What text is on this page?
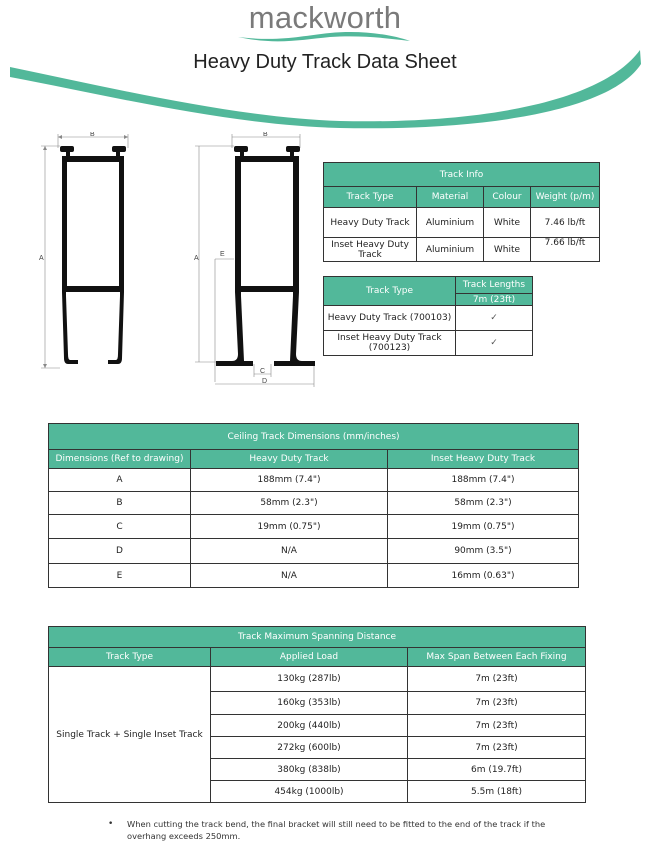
mackworth
Heavy Duty Track Data Sheet
B
A
B
A
E
C
D
Track Info			
Track Type	Material	Colour	Weight (p/m)
Heavy Duty Track	Aluminium	White	7.46 lb/ft
Inset Heavy Duty Track	Aluminium	White	7.66 lb/ft
Track Type	Track Lengths
	7m (23ft)
Heavy Duty Track (700103)	✓
Inset Heavy Duty Track (700123)	✓
Ceiling Track Dimensions (mm/inches)		
Dimensions (Ref to drawing)	Heavy Duty Track	Inset Heavy Duty Track
A	188mm (7.4")	188mm (7.4")
B	58mm (2.3")	58mm (2.3")
C	19mm (0.75")	19mm (0.75")
D	N/A	90mm (3.5")
E	N/A	16mm (0.63")
Track Maximum Spanning Distance		
Track Type	Applied Load	Max Span Between Each Fixing
Single Track + Single Inset Track	130kg (287lb)	7m (23ft)
	160kg (353lb)	7m (23ft)
	200kg (440lb)	7m (23ft)
	272kg (600lb)	7m (23ft)
	380kg (838lb)	6m (19.7ft)
	454kg (1000lb)	5.5m (18ft)
• When cutting the track bend, the final bracket will still need to be fitted to the end of the track if the overhang exceeds 250mm.
